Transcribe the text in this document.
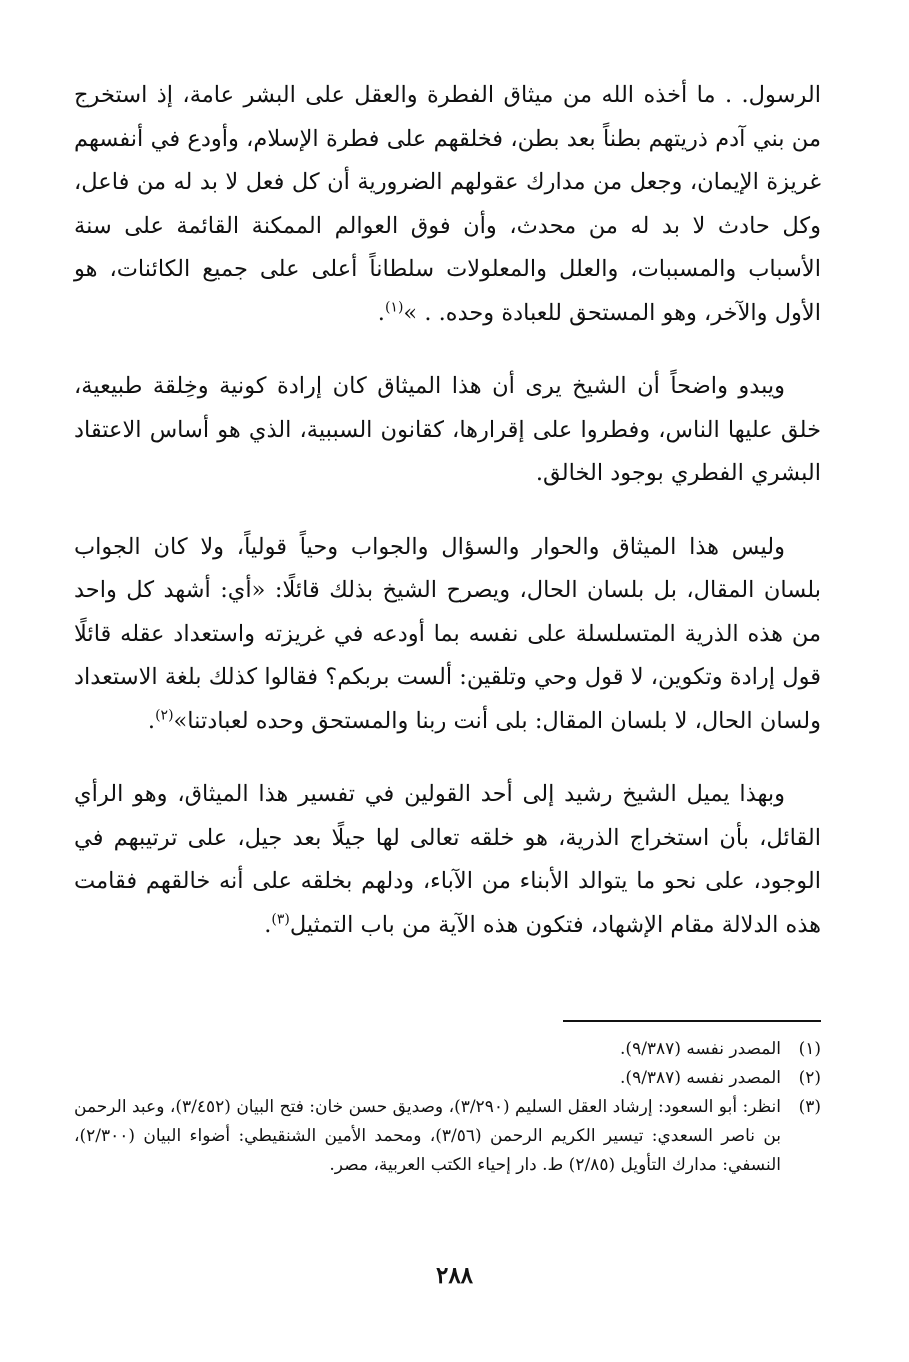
الرسول. . ما أخذه الله من ميثاق الفطرة والعقل على البشر عامة، إذ استخرج من بني آدم ذريتهم بطناً بعد بطن، فخلقهم على فطرة الإسلام، وأودع في أنفسهم غريزة الإيمان، وجعل من مدارك عقولهم الضرورية أن كل فعل لا بد له من فاعل، وكل حادث لا بد له من محدث، وأن فوق العوالم الممكنة القائمة على سنة الأسباب والمسببات، والعلل والمعلولات سلطاناً أعلى على جميع الكائنات، هو الأول والآخر، وهو المستحق للعبادة وحده. . »$^{(١)}$.

ويبدو واضحاً أن الشيخ يرى أن هذا الميثاق كان إرادة كونية وخِلقة طبيعية، خلق عليها الناس، وفطروا على إقرارها، كقانون السببية، الذي هو أساس الاعتقاد البشري الفطري بوجود الخالق.

وليس هذا الميثاق والحوار والسؤال والجواب وحياً قولياً، ولا كان الجواب بلسان المقال، بل بلسان الحال، ويصرح الشيخ بذلك قائلًا: «أي: أشهد كل واحد من هذه الذرية المتسلسلة على نفسه بما أودعه في غريزته واستعداد عقله قائلًا قول إرادة وتكوين، لا قول وحي وتلقين: ألست بربكم؟ فقالوا كذلك بلغة الاستعداد ولسان الحال، لا بلسان المقال: بلى أنت ربنا والمستحق وحده لعبادتنا»$^{(٢)}$.

وبهذا يميل الشيخ رشيد إلى أحد القولين في تفسير هذا الميثاق، وهو الرأي القائل، بأن استخراج الذرية، هو خلقه تعالى لها جيلًا بعد جيل، على ترتيبهم في الوجود، على نحو ما يتوالد الأبناء من الآباء، ودلهم بخلقه على أنه خالقهم فقامت هذه الدلالة مقام الإشهاد، فتكون هذه الآية من باب التمثيل$^{(٣)}$.

(١)
المصدر نفسه (٩/٣٨٧).
(٢)
المصدر نفسه (٩/٣٨٧).
(٣)
انظر: أبو السعود: إرشاد العقل السليم (٣/٢٩٠)، وصديق حسن خان: فتح البيان (٣/٤٥٢)، وعبد الرحمن بن ناصر السعدي: تيسير الكريم الرحمن (٣/٥٦)، ومحمد الأمين الشنقيطي: أضواء البيان (٢/٣٠٠)، النسفي: مدارك التأويل (٢/٨٥) ط. دار إحياء الكتب العربية، مصر.
٢٨٨
